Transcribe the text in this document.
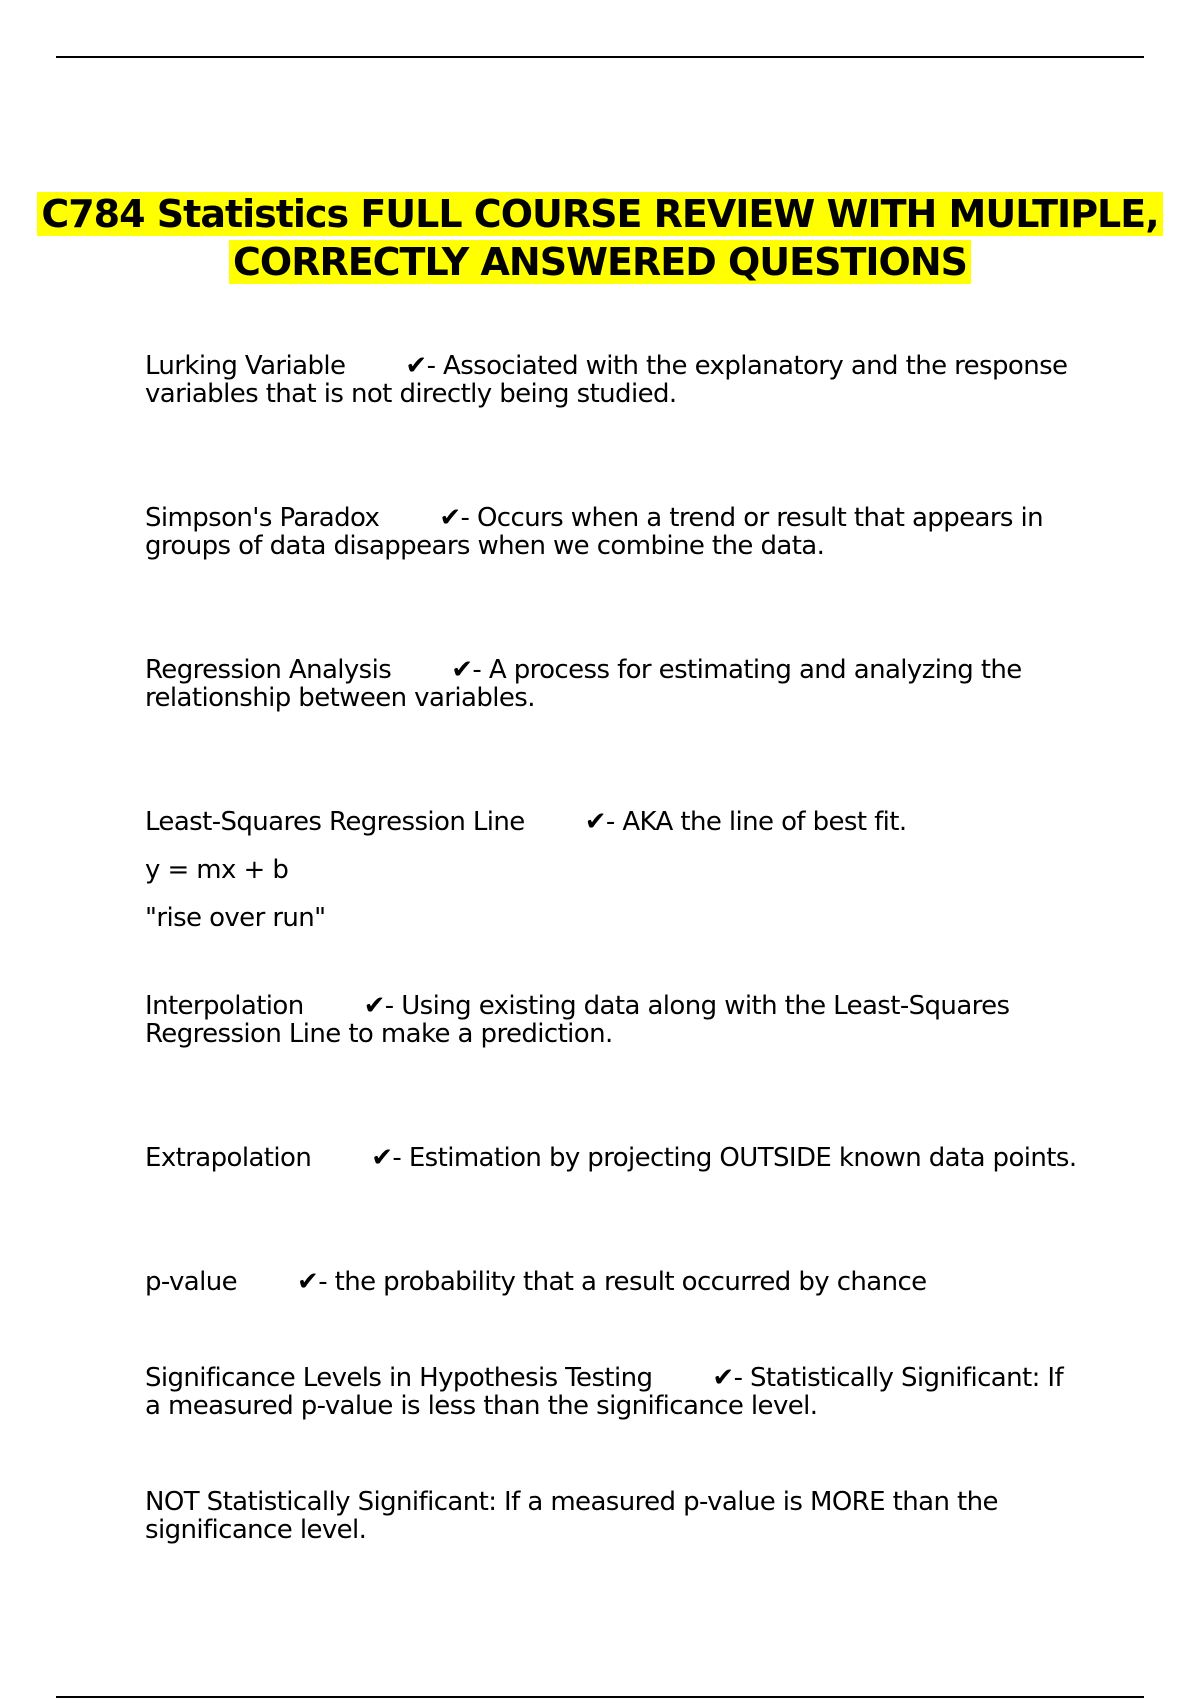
C784 Statistics FULL COURSE REVIEW WITH MULTIPLE, CORRECTLY ANSWERED QUESTIONS
Lurking Variable ✔- Associated with the explanatory and the response variables that is not directly being studied.
Simpson's Paradox ✔- Occurs when a trend or result that appears in groups of data disappears when we combine the data.
Regression Analysis ✔- A process for estimating and analyzing the relationship between variables.
Least-Squares Regression Line ✔- AKA the line of best fit.
y = mx + b
"rise over run"
Interpolation ✔- Using existing data along with the Least-Squares Regression Line to make a prediction.
Extrapolation ✔- Estimation by projecting OUTSIDE known data points.
p-value ✔- the probability that a result occurred by chance
Significance Levels in Hypothesis Testing ✔- Statistically Significant: If a measured p-value is less than the significance level.
NOT Statistically Significant: If a measured p-value is MORE than the significance level.
